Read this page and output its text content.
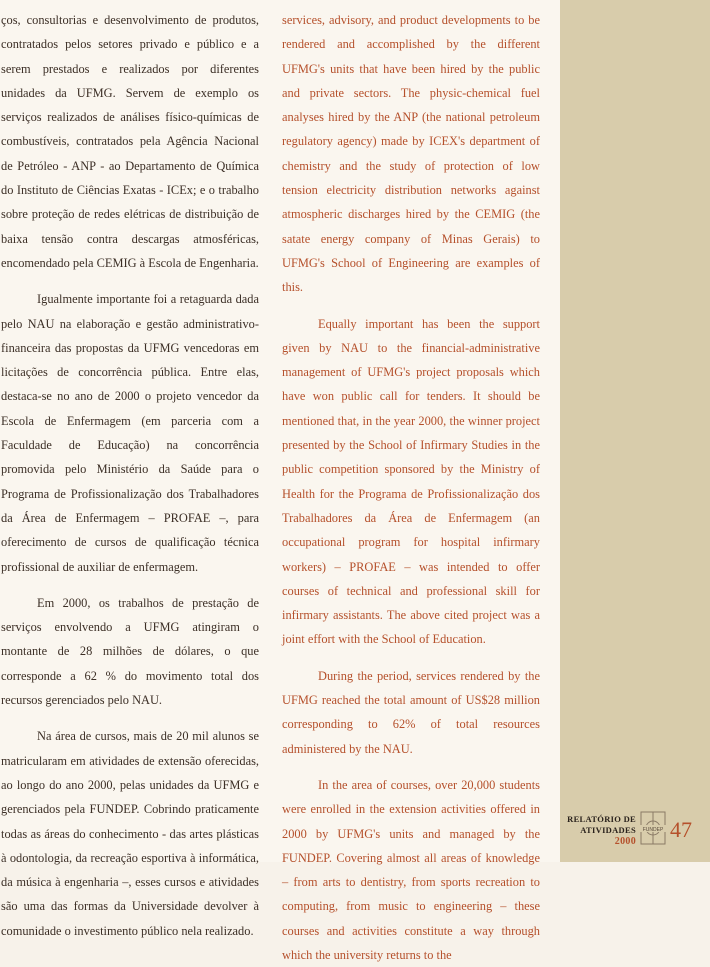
ços, consultorias e desenvolvimento de produtos, contratados pelos setores privado e público e a serem prestados e realizados por diferentes unidades da UFMG. Servem de exemplo os serviços realizados de análises físico-químicas de combustíveis, contratados pela Agência Nacional de Petróleo - ANP - ao Departamento de Química do Instituto de Ciências Exatas - ICEx; e o trabalho sobre proteção de redes elétricas de distribuição de baixa tensão contra descargas atmosféricas, encomendado pela CEMIG à Escola de Engenharia.

Igualmente importante foi a retaguarda dada pelo NAU na elaboração e gestão administrativo-financeira das propostas da UFMG vencedoras em licitações de concorrência pública. Entre elas, destaca-se no ano de 2000 o projeto vencedor da Escola de Enfermagem (em parceria com a Faculdade de Educação) na concorrência promovida pelo Ministério da Saúde para o Programa de Profissionalização dos Trabalhadores da Área de Enfermagem – PROFAE –, para oferecimento de cursos de qualificação técnica profissional de auxiliar de enfermagem.

Em 2000, os trabalhos de prestação de serviços envolvendo a UFMG atingiram o montante de 28 milhões de dólares, o que corresponde a 62 % do movimento total dos recursos gerenciados pelo NAU.

Na área de cursos, mais de 20 mil alunos se matricularam em atividades de extensão oferecidas, ao longo do ano 2000, pelas unidades da UFMG e gerenciados pela FUNDEP. Cobrindo praticamente todas as áreas do conhecimento - das artes plásticas à odontologia, da recreação esportiva à informática, da música à engenharia –, esses cursos e atividades são uma das formas da Universidade devolver à comunidade o investimento público nela realizado.

services, advisory, and product developments to be rendered and accomplished by the different UFMG's units that have been hired by the public and private sectors. The physic-chemical fuel analyses hired by the ANP (the national petroleum regulatory agency) made by ICEX's department of chemistry and the study of protection of low tension electricity distribution networks against atmospheric discharges hired by the CEMIG (the satate energy company of Minas Gerais) to UFMG's School of Engineering are examples of this.

Equally important has been the support given by NAU to the financial-administrative management of UFMG's project proposals which have won public call for tenders. It should be mentioned that, in the year 2000, the winner project presented by the School of Infirmary Studies in the public competition sponsored by the Ministry of Health for the Programa de Profissionalização dos Trabalhadores da Área de Enfermagem (an occupational program for hospital infirmary workers) – PROFAE – was intended to offer courses of technical and professional skill for infirmary assistants. The above cited project was a joint effort with the School of Education.

During the period, services rendered by the UFMG reached the total amount of US$28 million corresponding to 62% of total resources administered by the NAU.

In the area of courses, over 20,000 students were enrolled in the extension activities offered in 2000 by UFMG's units and managed by the FUNDEP. Covering almost all areas of knowledge – from arts to dentistry, from sports recreation to computing, from music to engineering – these courses and activities constitute a way through which the university returns to the

RELATÓRIO DE
ATIVIDADES 2000
FUNDEP 47
